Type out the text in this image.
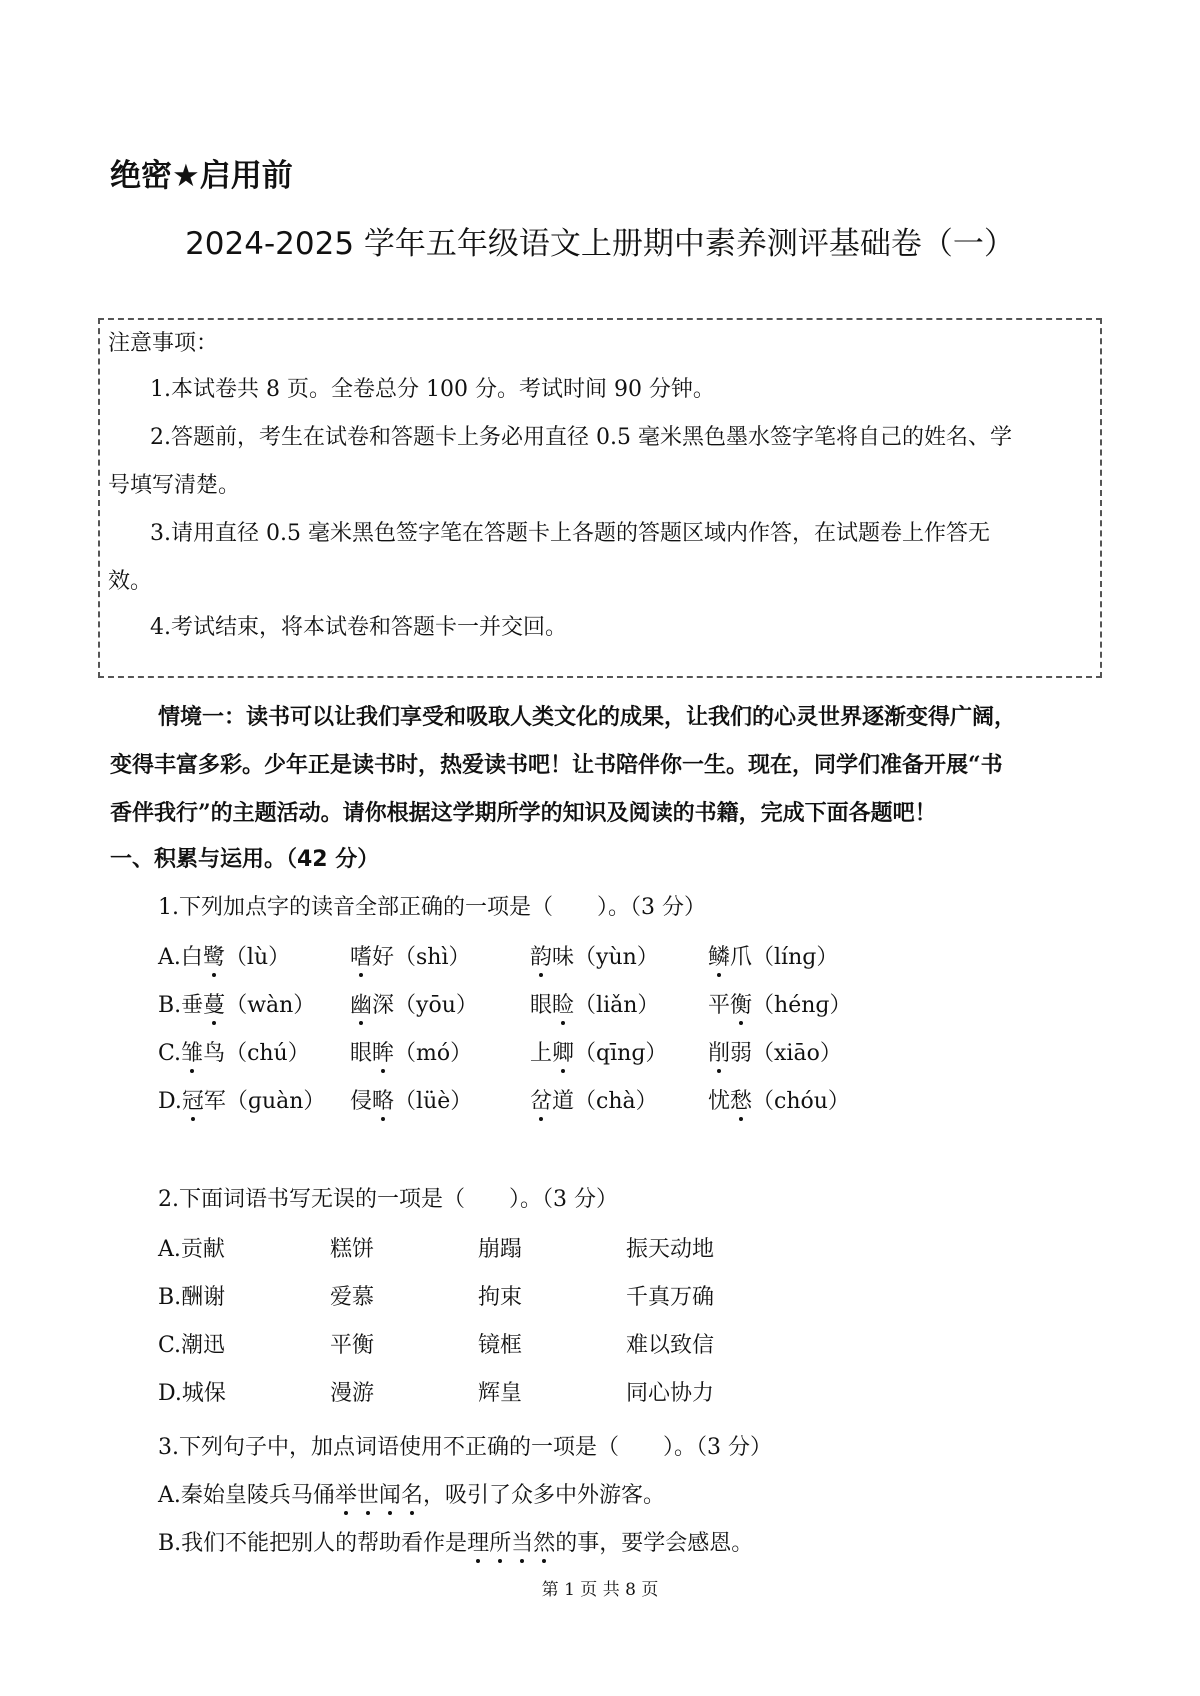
绝密★启用前
2024-2025 学年五年级语文上册期中素养测评基础卷（一）
注意事项：
1.本试卷共 8 页。全卷总分 100 分。考试时间 90 分钟。
2.答题前，考生在试卷和答题卡上务必用直径 0.5 毫米黑色墨水签字笔将自己的姓名、学
号填写清楚。
3.请用直径 0.5 毫米黑色签字笔在答题卡上各题的答题区域内作答，在试题卷上作答无
效。
4.考试结束，将本试卷和答题卡一并交回。
情境一：读书可以让我们享受和吸取人类文化的成果，让我们的心灵世界逐渐变得广阔，
变得丰富多彩。少年正是读书时，热爱读书吧！让书陪伴你一生。现在，同学们准备开展“书
香伴我行”的主题活动。请你根据这学期所学的知识及阅读的书籍，完成下面各题吧！
一、积累与运用。（42 分）
1.下列加点字的读音全部正确的一项是（　　）。（3 分）
A.白鹭（lù）	嗜好（shì）	韵味（yùn） 鳞爪（línɡ）
B.垂蔓（wàn） 幽深（yōu） 眼睑（liǎn） 平衡（hénɡ）
C.雏鸟（chú） 眼眸（mó）	上卿（qīnɡ） 削弱（xiāo）
D.冠军（ɡuàn） 侵略（lüè）	岔道（chà） 忧愁（chóu）
2.下面词语书写无误的一项是（　　）。（3 分）
A.贡献	糕饼	崩蹋	振天动地
B.酬谢	爱慕	拘束	千真万确
C.潮迅	平衡	镜框	难以致信
D.城保	漫游	辉皇	同心协力
3.下列句子中，加点词语使用不正确的一项是（　　）。（3 分）
A.秦始皇陵兵马俑举世闻名，吸引了众多中外游客。
B.我们不能把别人的帮助看作是理所当然的事，要学会感恩。
第 1 页 共 8 页
